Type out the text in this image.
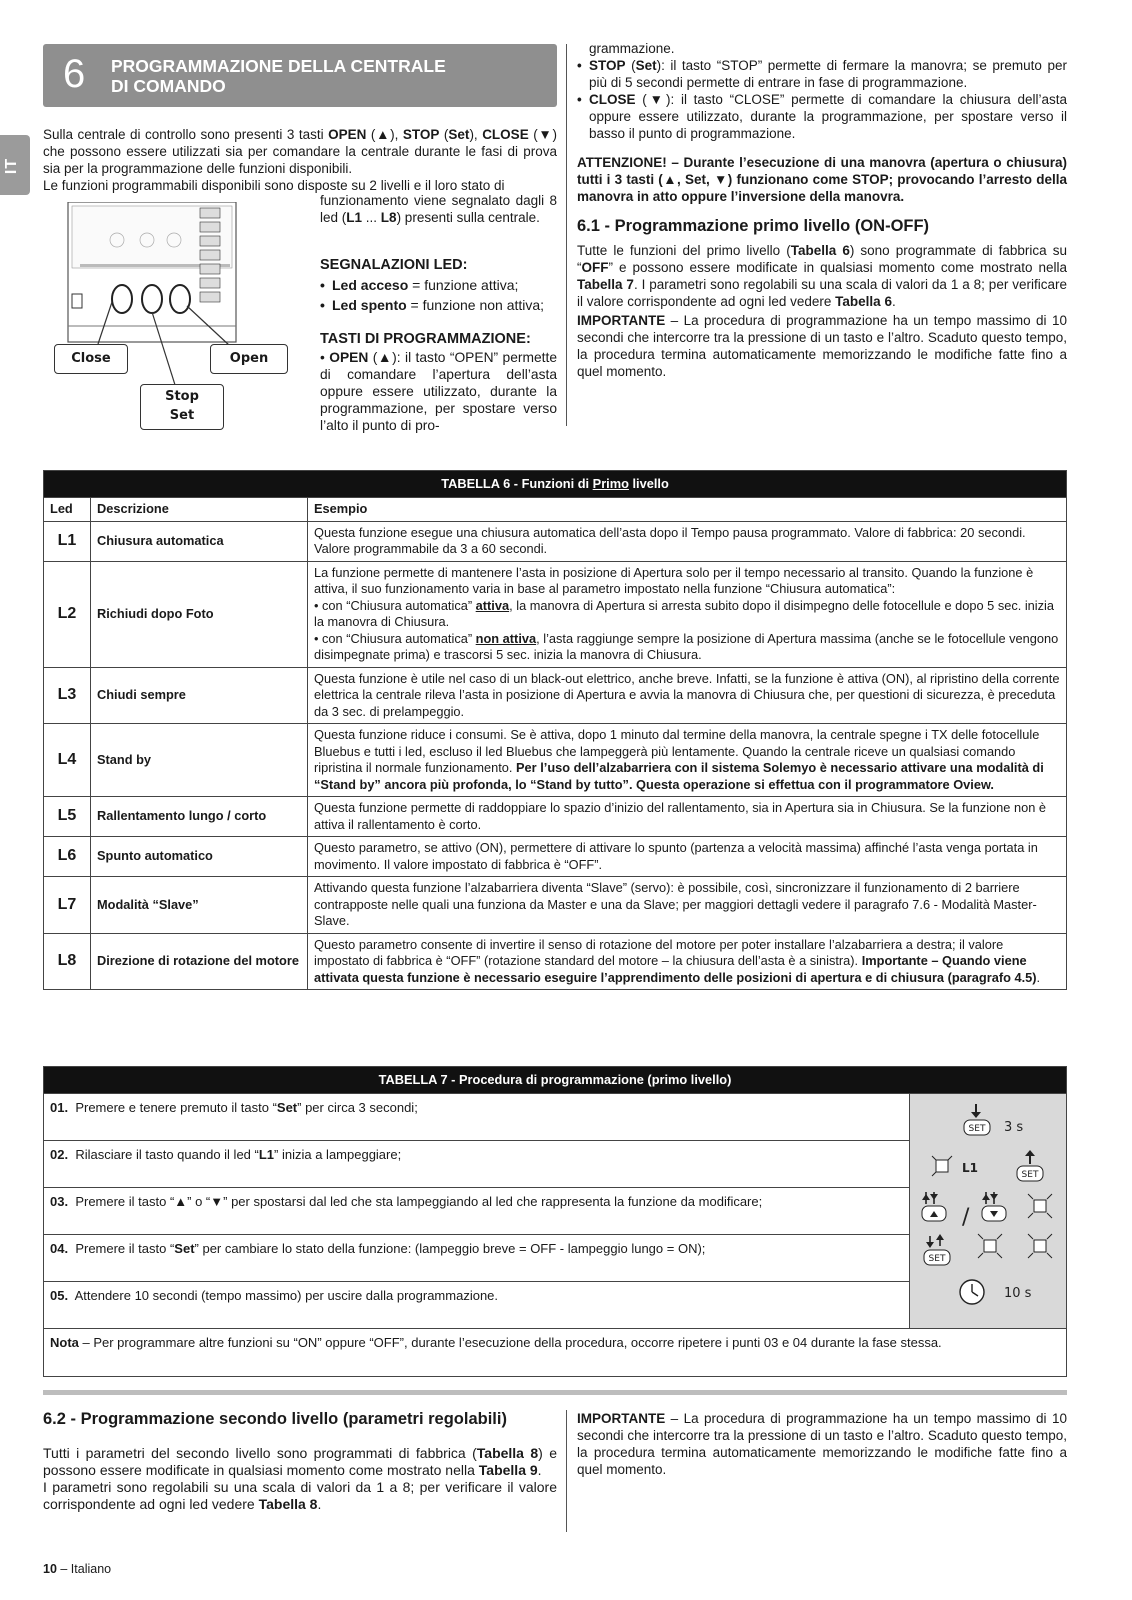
IT
6 PROGRAMMAZIONE DELLA CENTRALE
DI COMANDO
Sulla centrale di controllo sono presenti 3 tasti OPEN (▲), STOP (Set), CLOSE (▼) che possono essere utilizzati sia per comandare la centrale durante le fasi di prova sia per la programmazione delle funzioni disponibili.
Le funzioni programmabili disponibili sono disposte su 2 livelli e il loro stato di
Close	Open
Stop
Set
funzionamento viene segnalato dagli 8 led (L1 ... L8) presenti sulla centrale.
SEGNALAZIONI LED:
• Led acceso = funzione attiva;
• Led spento = funzione non attiva;
TASTI DI PROGRAMMAZIONE:
• OPEN (▲): il tasto “OPEN” permette di comandare l’apertura dell’asta oppure essere utilizzato, durante la programmazione, per spostare verso l’alto il punto di pro-
grammazione.
• STOP (Set): il tasto “STOP” permette di fermare la manovra; se premuto per più di 5 secondi permette di entrare in fase di programmazione.
• CLOSE (▼): il tasto “CLOSE” permette di comandare la chiusura dell’asta oppure essere utilizzato, durante la programmazione, per spostare verso il basso il punto di programmazione.
ATTENZIONE! – Durante l’esecuzione di una manovra (apertura o chiusura) tutti i 3 tasti (▲, Set, ▼) funzionano come STOP; provocando l’arresto della manovra in atto oppure l’inversione della manovra.
6.1 - Programmazione primo livello (ON-OFF)
Tutte le funzioni del primo livello (Tabella 6) sono programmate di fabbrica su “OFF” e possono essere modificate in qualsiasi momento come mostrato nella Tabella 7. I parametri sono regolabili su una scala di valori da 1 a 8; per verificare il valore corrispondente ad ogni led vedere Tabella 6.
IMPORTANTE – La procedura di programmazione ha un tempo massimo di 10 secondi che intercorre tra la pressione di un tasto e l’altro. Scaduto questo tempo, la procedura termina automaticamente memorizzando le modifiche fatte fino a quel momento.
TABELLA 6 - Funzioni di Primo livello		
Led	Descrizione	Esempio
L1	Chiusura automatica	Questa funzione esegue una chiusura automatica dell’asta dopo il Tempo pausa programmato. Valore di fabbrica: 20 secondi. Valore programmabile da 3 a 60 secondi.
L2	Richiudi dopo Foto	La funzione permette di mantenere l’asta in posizione di Apertura solo per il tempo necessario al transito. Quando la funzione è attiva, il suo funzionamento varia in base al parametro impostato nella funzione “Chiusura automatica”:
• con “Chiusura automatica” attiva, la manovra di Apertura si arresta subito dopo il disimpegno delle fotocellule e dopo 5 sec. inizia la manovra di Chiusura.
• con “Chiusura automatica” non attiva, l’asta raggiunge sempre la posizione di Apertura massima (anche se le fotocellule vengono disimpegnate prima) e trascorsi 5 sec. inizia la manovra di Chiusura.
L3	Chiudi sempre	Questa funzione è utile nel caso di un black-out elettrico, anche breve. Infatti, se la funzione è attiva (ON), al ripristino della corrente elettrica la centrale rileva l’asta in posizione di Apertura e avvia la manovra di Chiusura che, per questioni di sicurezza, è preceduta da 3 sec. di prelampeggio.
L4	Stand by	Questa funzione riduce i consumi. Se è attiva, dopo 1 minuto dal termine della manovra, la centrale spegne i TX delle fotocellule Bluebus e tutti i led, escluso il led Bluebus che lampeggerà più lentamente. Quando la centrale riceve un qualsiasi comando ripristina il normale funzionamento. Per l’uso dell’alzabarriera con il sistema Solemyo è necessario attivare una modalità di “Stand by” ancora più profonda, lo “Stand by tutto”. Questa operazione si effettua con il programmatore Oview.
L5	Rallentamento lungo / corto	Questa funzione permette di raddoppiare lo spazio d’inizio del rallentamento, sia in Apertura sia in Chiusura. Se la funzione non è attiva il rallentamento è corto.
L6	Spunto automatico	Questo parametro, se attivo (ON), permettere di attivare lo spunto (partenza a velocità massima) affinché l’asta venga portata in movimento. Il valore impostato di fabbrica è “OFF”.
L7	Modalità “Slave”	Attivando questa funzione l’alzabarriera diventa “Slave” (servo): è possibile, così, sincronizzare il funzionamento di 2 barriere contrapposte nelle quali una funziona da Master e una da Slave; per maggiori dettagli vedere il paragrafo 7.6 - Modalità Master-Slave.
L8	Direzione di rotazione del motore	Questo parametro consente di invertire il senso di rotazione del motore per poter installare l’alzabarriera a destra; il valore impostato di fabbrica è “OFF” (rotazione standard del motore – la chiusura dell’asta è a sinistra). Importante – Quando viene attivata questa funzione è necessario eseguire l’apprendimento delle posizioni di apertura e di chiusura (paragrafo 4.5).
TABELLA 7 - Procedura di programmazione (primo livello)
01. Premere e tenere premuto il tasto “Set” per circa 3 secondi;	
SET 3 s
L1	SET
/
SET
10 s

02. Rilasciare il tasto quando il led “L1” inizia a lampeggiare;
03. Premere il tasto “▲” o “▼” per spostarsi dal led che sta lampeggiando al led che rappresenta la funzione da modificare;
04. Premere il tasto “Set” per cambiare lo stato della funzione: (lampeggio breve = OFF - lampeggio lungo = ON);
05. Attendere 10 secondi (tempo massimo) per uscire dalla programmazione.
Nota – Per programmare altre funzioni su “ON” oppure “OFF”, durante l’esecuzione della procedura, occorre ripetere i punti 03 e 04 durante la fase stessa.
6.2 - Programmazione secondo livello (parametri regolabili)
Tutti i parametri del secondo livello sono programmati di fabbrica (Tabella 8) e possono essere modificate in qualsiasi momento come mostrato nella Tabella 9.
I parametri sono regolabili su una scala di valori da 1 a 8; per verificare il valore corrispondente ad ogni led vedere Tabella 8.
IMPORTANTE – La procedura di programmazione ha un tempo massimo di 10 secondi che intercorre tra la pressione di un tasto e l’altro. Scaduto questo tempo, la procedura termina automaticamente memorizzando le modifiche fatte fino a quel momento.
10 – Italiano
